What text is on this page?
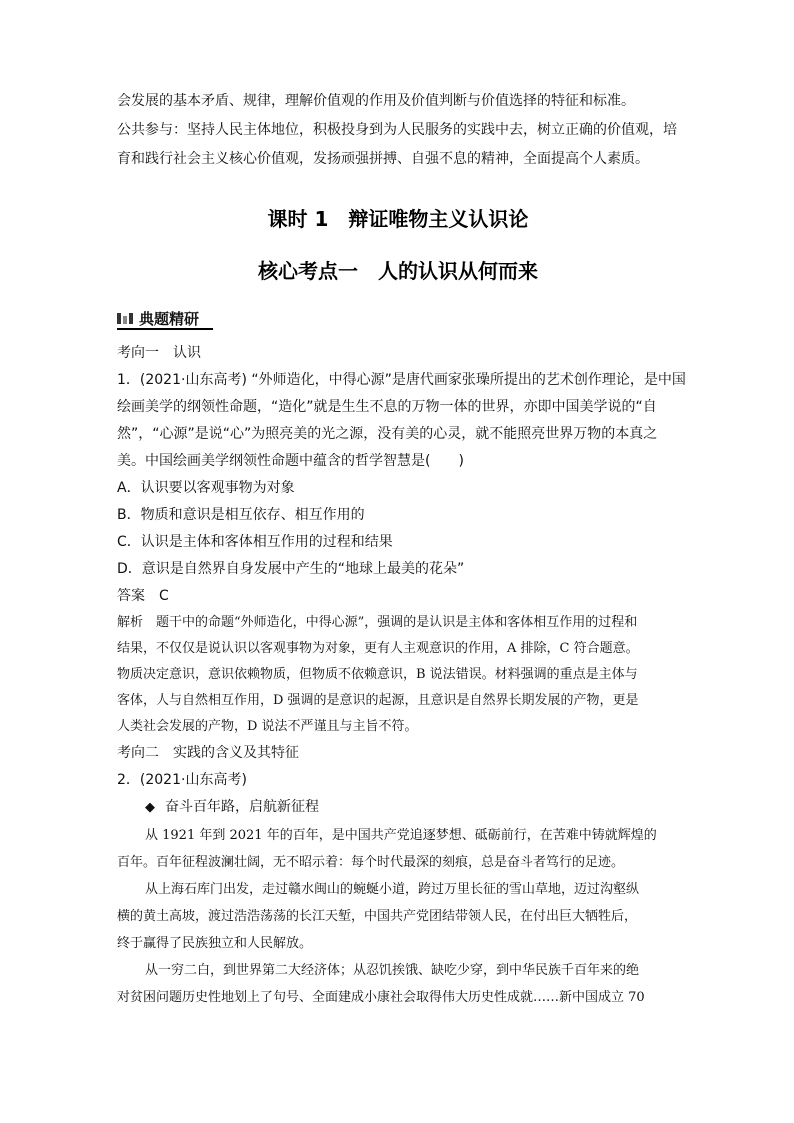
会发展的基本矛盾、规律，理解价值观的作用及价值判断与价值选择的特征和标准。
公共参与：坚持人民主体地位，积极投身到为人民服务的实践中去，树立正确的价值观，培
育和践行社会主义核心价值观，发扬顽强拼搏、自强不息的精神，全面提高个人素质。
课时 1　辩证唯物主义认识论
核心考点一　人的认识从何而来
典题精研
考向一　认识
1．(2021·山东高考) “外师造化，中得心源”是唐代画家张璪所提出的艺术创作理论，是中国
绘画美学的纲领性命题，“造化”就是生生不息的万物一体的世界，亦即中国美学说的“自
然”，“心源”是说“心”为照亮美的光之源，没有美的心灵，就不能照亮世界万物的本真之
美。中国绘画美学纲领性命题中蕴含的哲学智慧是(　　)
A．认识要以客观事物为对象
B．物质和意识是相互依存、相互作用的
C．认识是主体和客体相互作用的过程和结果
D．意识是自然界自身发展中产生的“地球上最美的花朵”
答案　C
解析　题干中的命题“外师造化，中得心源”，强调的是认识是主体和客体相互作用的过程和
结果，不仅仅是说认识以客观事物为对象，更有人主观意识的作用，A 排除，C 符合题意。
物质决定意识，意识依赖物质，但物质不依赖意识，B 说法错误。材料强调的重点是主体与
客体，人与自然相互作用，D 强调的是意识的起源，且意识是自然界长期发展的产物，更是
人类社会发展的产物，D 说法不严谨且与主旨不符。
考向二　实践的含义及其特征
2．(2021·山东高考)
◆ 奋斗百年路，启航新征程
从 1921 年到 2021 年的百年，是中国共产党追逐梦想、砥砺前行，在苦难中铸就辉煌的
百年。百年征程波澜壮阔，无不昭示着：每个时代最深的刻痕，总是奋斗者笃行的足迹。
从上海石库门出发，走过赣水闽山的蜿蜒小道，跨过万里长征的雪山草地，迈过沟壑纵
横的黄土高坡，渡过浩浩荡荡的长江天堑，中国共产党团结带领人民，在付出巨大牺牲后，
终于赢得了民族独立和人民解放。
从一穷二白，到世界第二大经济体；从忍饥挨饿、缺吃少穿，到中华民族千百年来的绝
对贫困问题历史性地划上了句号、全面建成小康社会取得伟大历史性成就……新中国成立 70
